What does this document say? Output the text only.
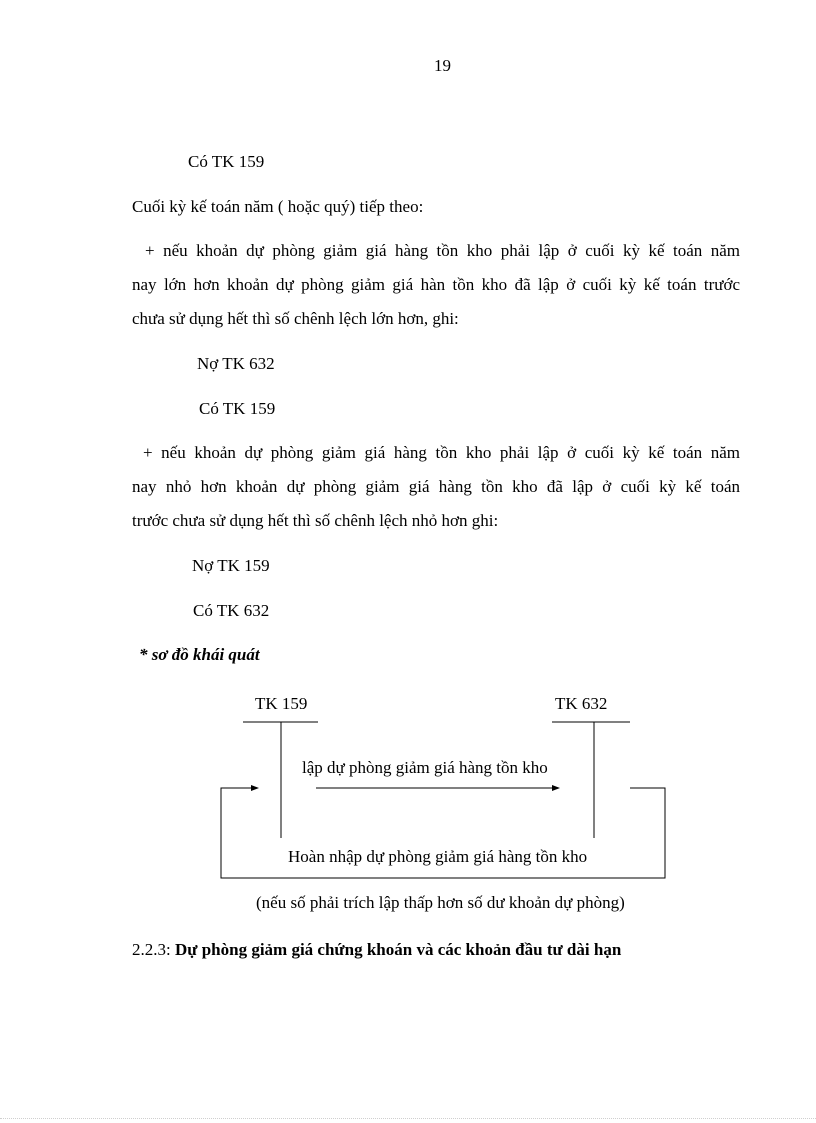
19
Có TK 159
Cuối kỳ kế toán năm ( hoặc quý) tiếp theo:
+ nếu khoản dự phòng giảm giá hàng tồn kho phải lập ở cuối kỳ kế toán năm
nay lớn hơn khoản dự phòng giảm giá hàn tồn kho đã lập ở cuối kỳ kế toán trước
chưa sử dụng hết thì số chênh lệch lớn hơn, ghi:
Nợ TK 632
Có TK 159
+ nếu khoản dự phòng giảm giá hàng tồn kho phải lập ở cuối kỳ kế toán năm
nay nhỏ hơn khoản dự phòng giảm giá hàng tồn kho đã lập ở cuối kỳ kế toán
trước chưa sử dụng hết thì số chênh lệch nhỏ hơn ghi:
Nợ TK 159
Có TK 632
* sơ đồ khái quát
TK 159	TK 632
lập dự phòng giảm giá hàng tồn kho
Hoàn nhập dự phòng giảm giá hàng tồn kho
(nếu số phải trích lập thấp hơn số dư khoản dự phòng)
2.2.3: Dự phòng giảm giá chứng khoán và các khoản đầu tư dài hạn
